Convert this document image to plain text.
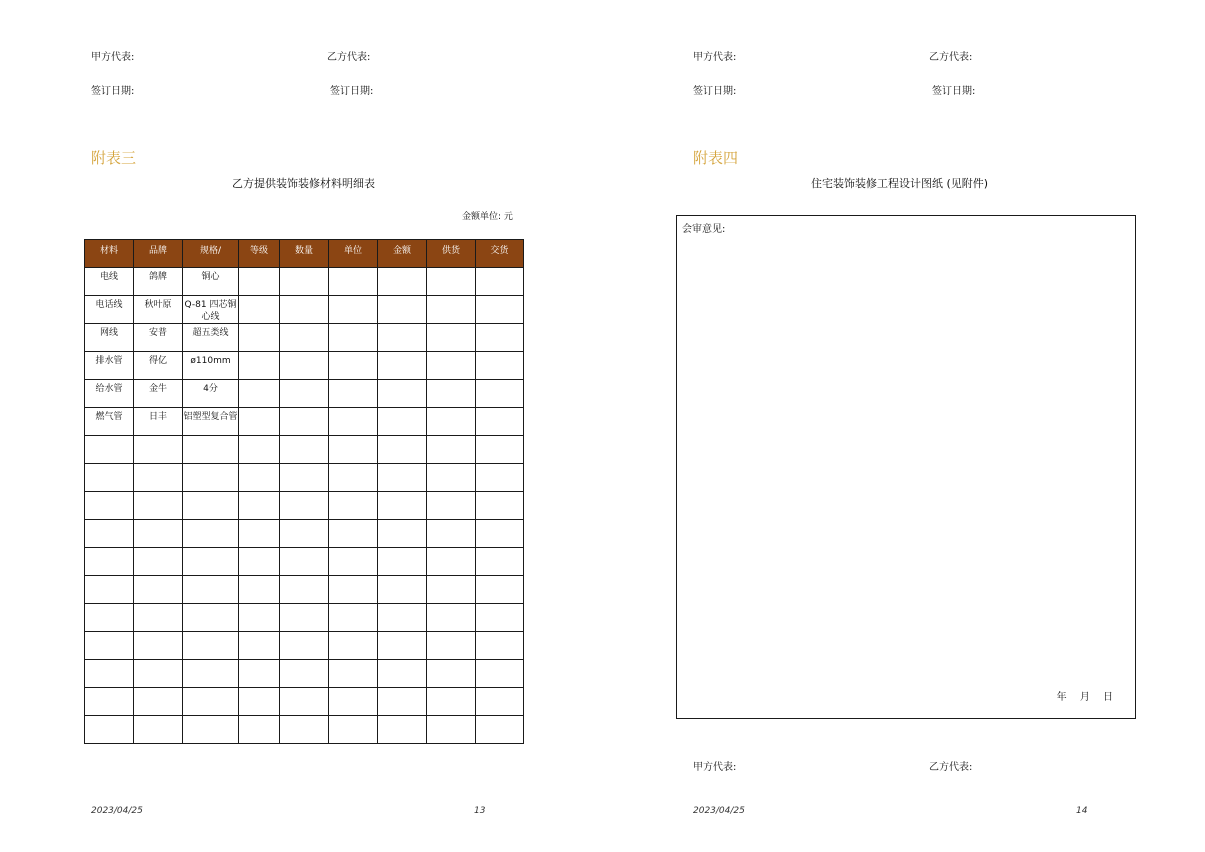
甲方代表:	乙方代表:
签订日期:	签订日期:
附表三
乙方提供装饰装修材料明细表
金额单位: 元
材料	品牌	规格/	等级	数量	单位	金额	供货	交货
电线	鸽牌	铜心						
电话线	秋叶原	Q-81 四芯铜心线						
网线	安普	超五类线						
排水管	得亿	ø110mm						
给水管	金牛	4分						
燃气管	日丰	铝塑型复合管						

2023/04/25	13
甲方代表:	乙方代表:
签订日期:	签订日期:
附表四
住宅装饰装修工程设计图纸 (见附件)
会审意见:
年 月 日
甲方代表:	乙方代表:
2023/04/25	14
